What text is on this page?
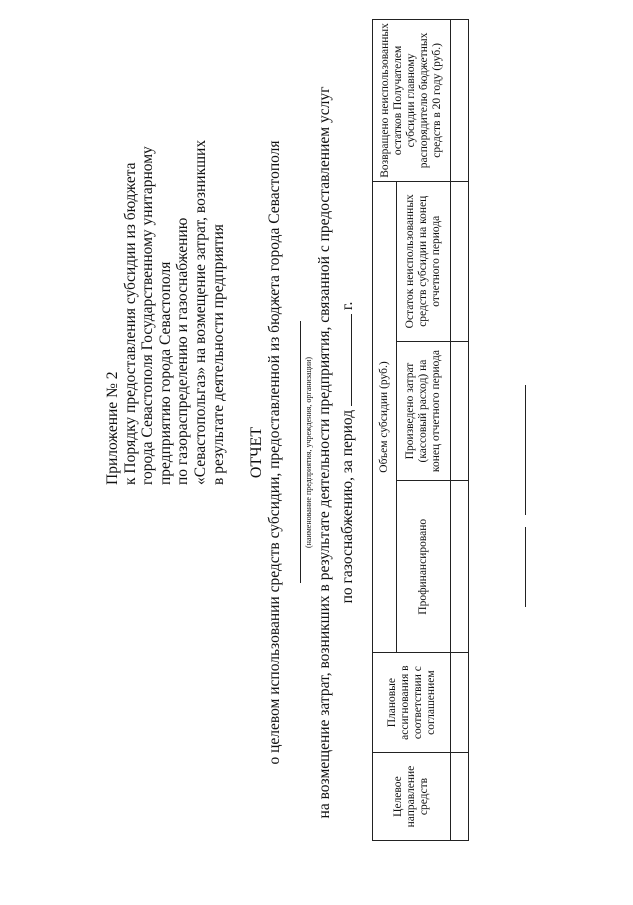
Приложение № 2 к Порядку предоставления субсидии из бюджета города Севастополя Государственному унитарному предприятию города Севастополя по газораспределению и газоснабжению «Севастопольгаз» на возмещение затрат, возникших в результате деятельности предприятия ОТЧЕТ о целевом использовании средств субсидии, предоставленной из бюджета города Севастополя	(наименование предприятия, учреждения, организации) на возмещение затрат, возникших в результате деятельности предприятия, связанной с предоставлением услуг по газоснабжению, за период  г.
Целевое направление средств	Плановые ассигнования в соответствии с соглашением	Объем субсидии (руб.)			Возвращено неиспользованных остатков Получателем субсидии главному распорядителю бюджетных средств в 20 году (руб.)
		Профинансировано	Произведено затрат (кассовый расход) на конец отчетного периода	Остаток неиспользованных средств субсидии на конец отчетного периода	
